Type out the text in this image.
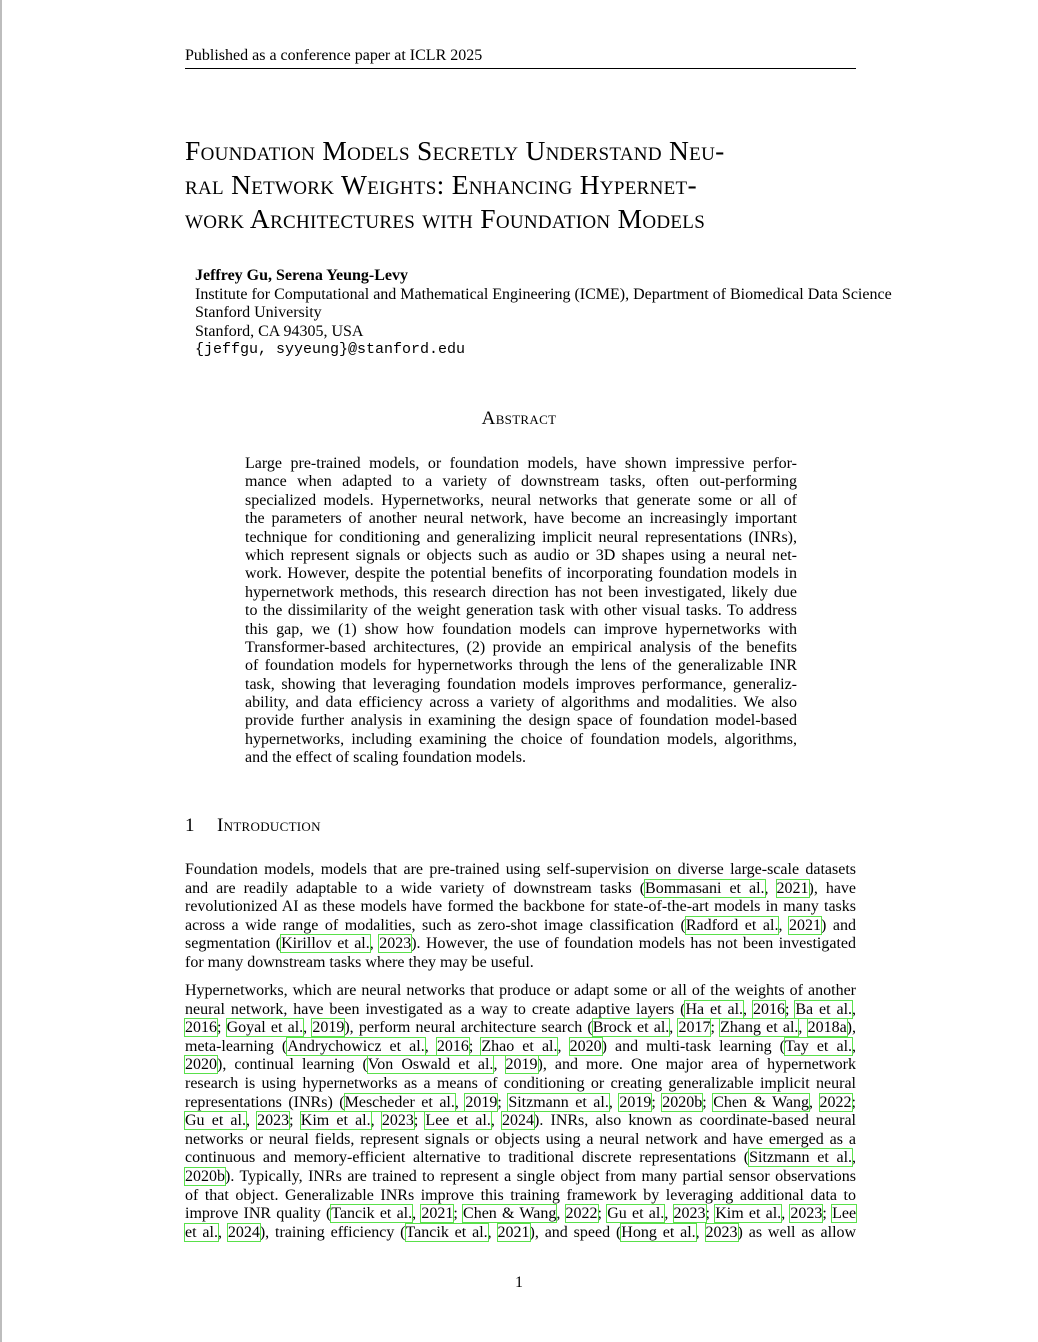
Published as a conference paper at ICLR 2025
Foundation Models Secretly Understand Neu-
ral Network Weights: Enhancing Hypernet-
work Architectures with Foundation Models
Jeffrey Gu, Serena Yeung-Levy
Institute for Computational and Mathematical Engineering (ICME), Department of Biomedical Data Science
Stanford University
Stanford, CA 94305, USA
{jeffgu, syyeung}@stanford.edu
Abstract
Large pre-trained models, or foundation models, have shown impressive perfor-
mance when adapted to a variety of downstream tasks, often out-performing
specialized models. Hypernetworks, neural networks that generate some or all of
the parameters of another neural network, have become an increasingly important
technique for conditioning and generalizing implicit neural representations (INRs),
which represent signals or objects such as audio or 3D shapes using a neural net-
work. However, despite the potential benefits of incorporating foundation models in
hypernetwork methods, this research direction has not been investigated, likely due
to the dissimilarity of the weight generation task with other visual tasks. To address
this gap, we (1) show how foundation models can improve hypernetworks with
Transformer-based architectures, (2) provide an empirical analysis of the benefits
of foundation models for hypernetworks through the lens of the generalizable INR
task, showing that leveraging foundation models improves performance, generaliz-
ability, and data efficiency across a variety of algorithms and modalities. We also
provide further analysis in examining the design space of foundation model-based
hypernetworks, including examining the choice of foundation models, algorithms,
and the effect of scaling foundation models.
1 Introduction
Foundation models, models that are pre-trained using self-supervision on diverse large-scale datasets
and are readily adaptable to a wide variety of downstream tasks (Bommasani et al., 2021), have
revolutionized AI as these models have formed the backbone for state-of-the-art models in many tasks
across a wide range of modalities, such as zero-shot image classification (Radford et al., 2021) and
segmentation (Kirillov et al., 2023). However, the use of foundation models has not been investigated
for many downstream tasks where they may be useful.
Hypernetworks, which are neural networks that produce or adapt some or all of the weights of another
neural network, have been investigated as a way to create adaptive layers (Ha et al., 2016; Ba et al.,
2016; Goyal et al., 2019), perform neural architecture search (Brock et al., 2017; Zhang et al., 2018a),
meta-learning (Andrychowicz et al., 2016; Zhao et al., 2020) and multi-task learning (Tay et al.,
2020), continual learning (Von Oswald et al., 2019), and more. One major area of hypernetwork
research is using hypernetworks as a means of conditioning or creating generalizable implicit neural
representations (INRs) (Mescheder et al., 2019; Sitzmann et al., 2019; 2020b; Chen & Wang, 2022;
Gu et al., 2023; Kim et al., 2023; Lee et al., 2024). INRs, also known as coordinate-based neural
networks or neural fields, represent signals or objects using a neural network and have emerged as a
continuous and memory-efficient alternative to traditional discrete representations (Sitzmann et al.,
2020b). Typically, INRs are trained to represent a single object from many partial sensor observations
of that object. Generalizable INRs improve this training framework by leveraging additional data to
improve INR quality (Tancik et al., 2021; Chen & Wang, 2022; Gu et al., 2023; Kim et al., 2023; Lee
et al., 2024), training efficiency (Tancik et al., 2021), and speed (Hong et al., 2023) as well as allow
1
